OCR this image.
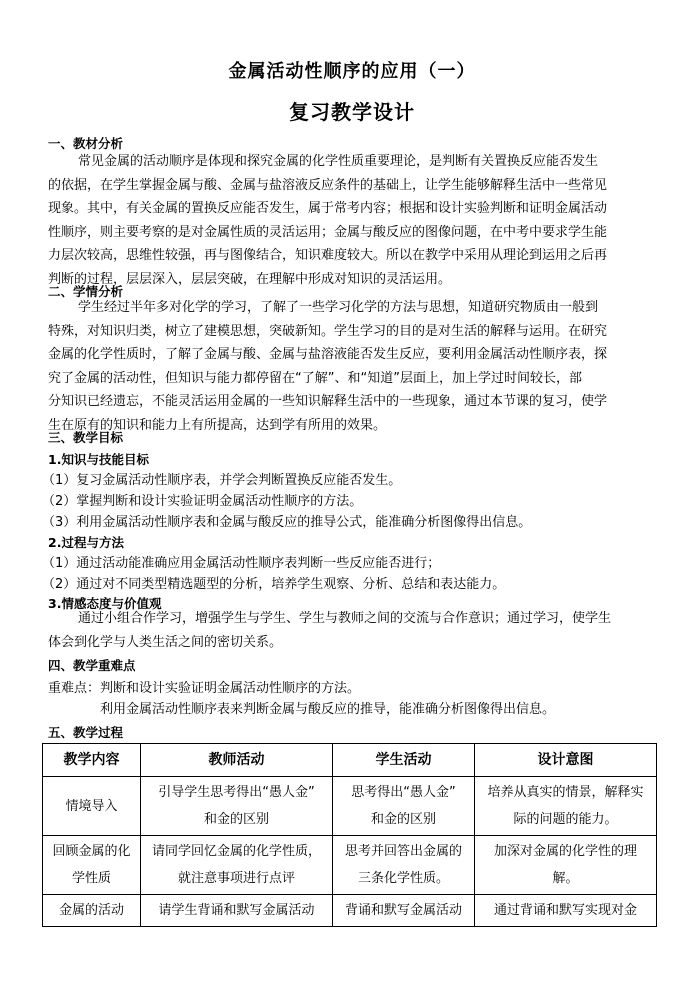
金属活动性顺序的应用（一）
复习教学设计
一、教材分析
常见金属的活动顺序是体现和探究金属的化学性质重要理论，是判断有关置换反应能否发生
的依据，在学生掌握金属与酸、金属与盐溶液反应条件的基础上，让学生能够解释生活中一些常见
现象。其中，有关金属的置换反应能否发生，属于常考内容；根据和设计实验判断和证明金属活动
性顺序，则主要考察的是对金属性质的灵活运用；金属与酸反应的图像问题，在中考中要求学生能
力层次较高，思维性较强，再与图像结合，知识难度较大。所以在教学中采用从理论到运用之后再
判断的过程，层层深入，层层突破，在理解中形成对知识的灵活运用。
二、学情分析
学生经过半年多对化学的学习，了解了一些学习化学的方法与思想，知道研究物质由一般到
特殊，对知识归类，树立了建模思想，突破新知。学生学习的目的是对生活的解释与运用。在研究
金属的化学性质时，了解了金属与酸、金属与盐溶液能否发生反应，要利用金属活动性顺序表，探
究了金属的活动性，但知识与能力都停留在“了解”、和“知道”层面上，加上学过时间较长，部
分知识已经遗忘，不能灵活运用金属的一些知识解释生活中的一些现象，通过本节课的复习，使学
生在原有的知识和能力上有所提高，达到学有所用的效果。
三、教学目标
1.知识与技能目标
（1）复习金属活动性顺序表，并学会判断置换反应能否发生。
（2）掌握判断和设计实验证明金属活动性顺序的方法。
（3）利用金属活动性顺序表和金属与酸反应的推导公式，能准确分析图像得出信息。
2.过程与方法
（1）通过活动能准确应用金属活动性顺序表判断一些反应能否进行；
（2）通过对不同类型精选题型的分析，培养学生观察、分析、总结和表达能力。
3.情感态度与价值观
通过小组合作学习，增强学生与学生、学生与教师之间的交流与合作意识；通过学习，使学生
体会到化学与人类生活之间的密切关系。
四、教学重难点
重难点：判断和设计实验证明金属活动性顺序的方法。
利用金属活动性顺序表来判断金属与酸反应的推导，能准确分析图像得出信息。
五、教学过程
教学内容	教师活动	学生活动	设计意图

情境导入	引导学生思考得出“愚人金”
和金的区别	思考得出“愚人金”
和金的区别	培养从真实的情景，解释实
际的问题的能力。

回顾金属的化
学性质	请同学回忆金属的化学性质，
就注意事项进行点评	思考并回答出金属的
三条化学性质。	加深对金属的化学性的理
解。

金属的活动	请学生背诵和默写金属活动	背诵和默写金属活动	通过背诵和默写实现对金
